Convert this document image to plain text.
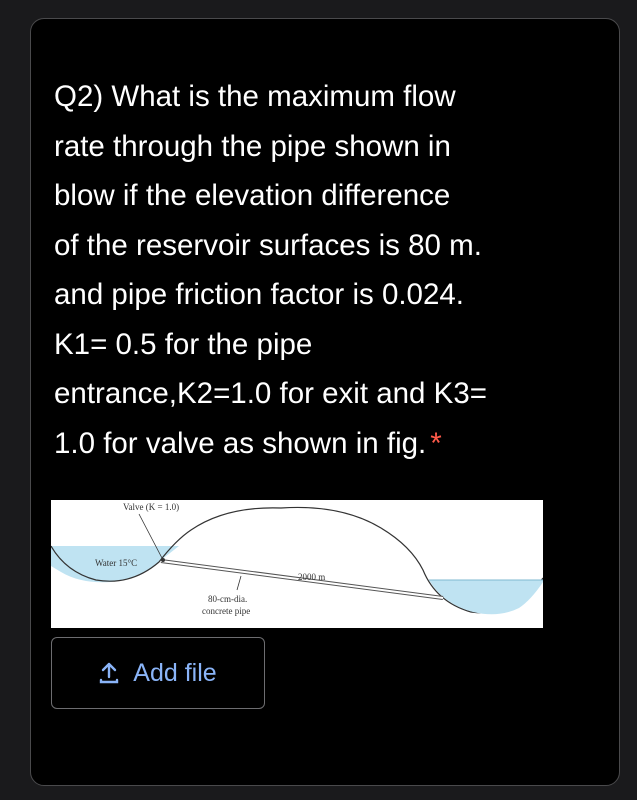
Q2) What is the maximum flow
rate through the pipe shown in
blow if the elevation difference
of the reservoir surfaces is 80 m.
and pipe friction factor is 0.024.
K1= 0.5 for the pipe
entrance,K2=1.0 for exit and K3=
1.0 for valve as shown in fig. *
Valve (K = 1.0)
Water 15°C
2000 m
80-cm-dia.
concrete pipe
Add file
